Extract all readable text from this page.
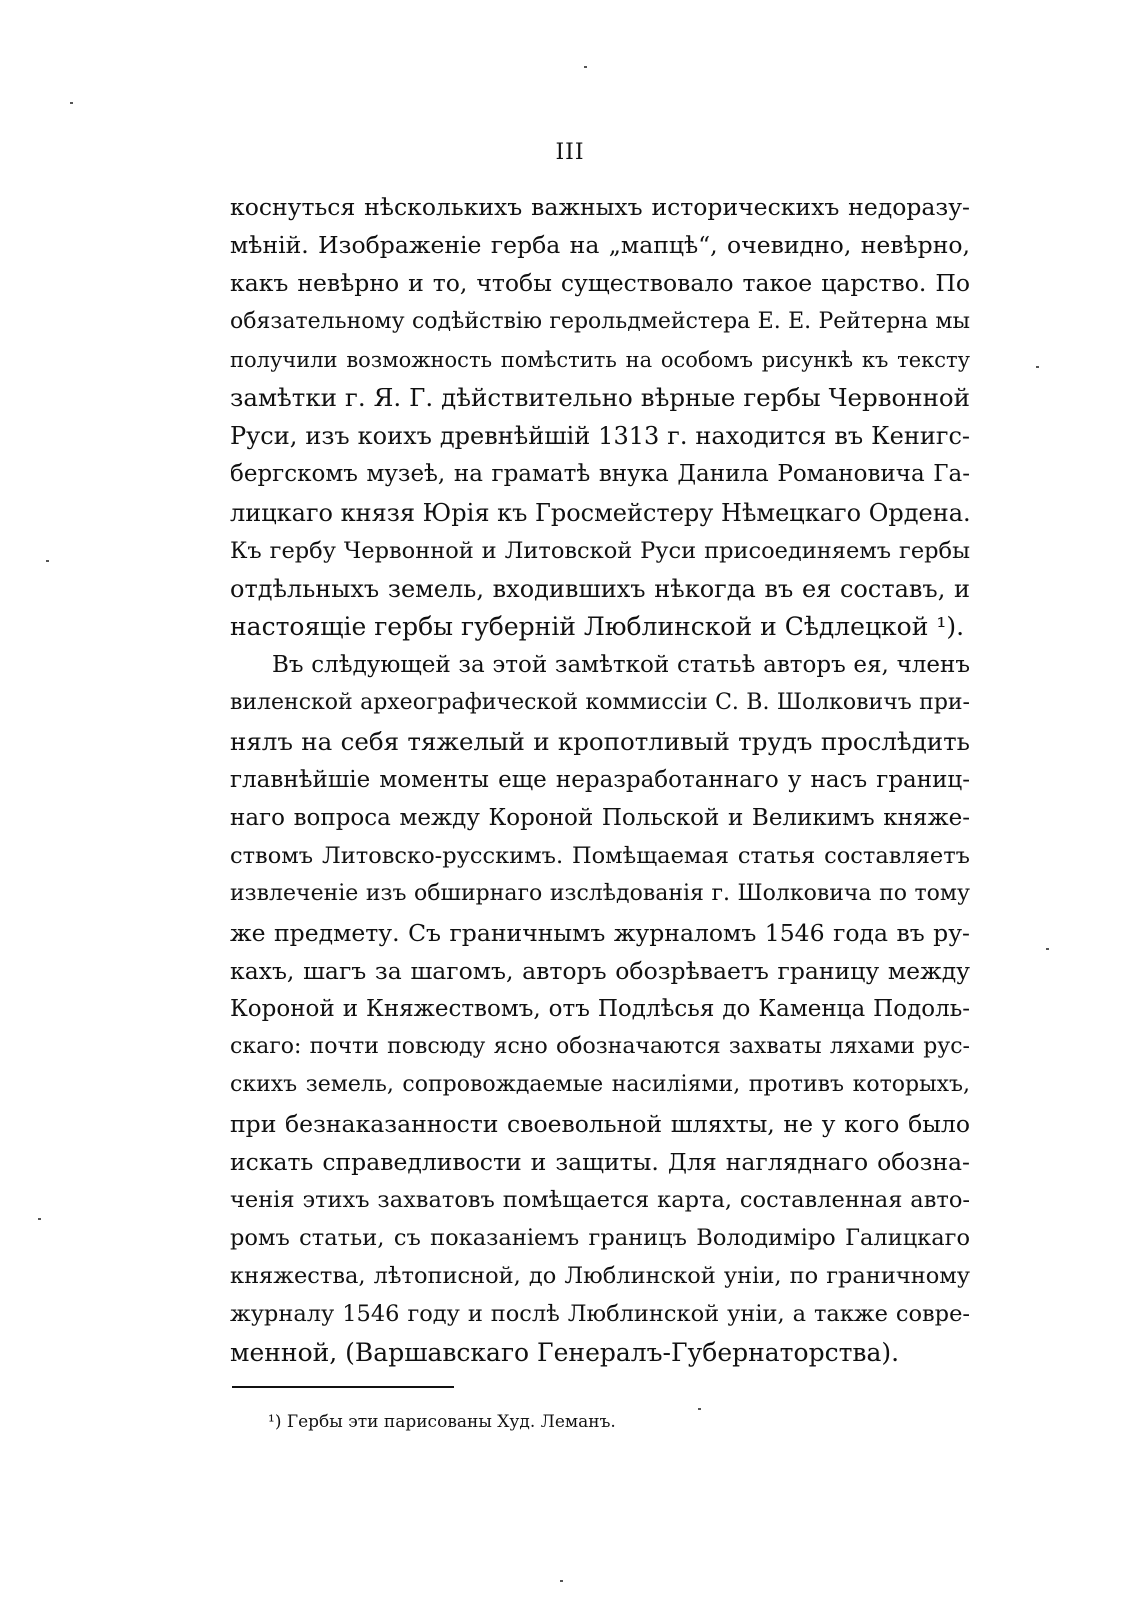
III
коснуться нѣсколькихъ важныхъ историческихъ недоразу-
мѣній. Изображеніе герба на „мапцѣ“, очевидно, невѣрно,
какъ невѣрно и то, чтобы существовало такое царство. По
обязательному содѣйствію герольдмейстера Е. Е. Рейтерна мы
получили возможность помѣстить на особомъ рисункѣ къ тексту
замѣтки г. Я. Г. дѣйствительно вѣрные гербы Червонной
Руси, изъ коихъ древнѣйшій 1313 г. находится въ Кенигс-
бергскомъ музеѣ, на граматѣ внука Данила Романовича Га-
лицкаго князя Юрія къ Гросмейстеру Нѣмецкаго Ордена.
Къ гербу Червонной и Литовской Руси присоединяемъ гербы
отдѣльныхъ земель, входившихъ нѣкогда въ ея составъ, и
настоящіе гербы губерній Люблинской и Сѣдлецкой ¹).
Въ слѣдующей за этой замѣткой статьѣ авторъ ея, членъ
виленской археографической коммиссіи С. В. Шолковичъ при-
нялъ на себя тяжелый и кропотливый трудъ прослѣдить
главнѣйшіе моменты еще неразработаннаго у насъ границ-
наго вопроса между Короной Польской и Великимъ княже-
ствомъ Литовско-русскимъ. Помѣщаемая статья составляетъ
извлеченіе изъ обширнаго изслѣдованія г. Шолковича по тому
же предмету. Съ граничнымъ журналомъ 1546 года въ ру-
кахъ, шагъ за шагомъ, авторъ обозрѣваетъ границу между
Короной и Княжествомъ, отъ Подлѣсья до Каменца Подоль-
скаго: почти повсюду ясно обозначаются захваты ляхами рус-
скихъ земель, сопровождаемые насиліями, противъ которыхъ,
при безнаказанности своевольной шляхты, не у кого было
искать справедливости и защиты. Для нагляднаго обозна-
ченія этихъ захватовъ помѣщается карта, составленная авто-
ромъ статьи, съ показаніемъ границъ Володиміро Галицкаго
княжества, лѣтописной, до Люблинской уніи, по граничному
журналу 1546 году и послѣ Люблинской уніи, а также совре-
менной, (Варшавскаго Генералъ-Губернаторства).
¹) Гербы эти парисованы Худ. Леманъ.
